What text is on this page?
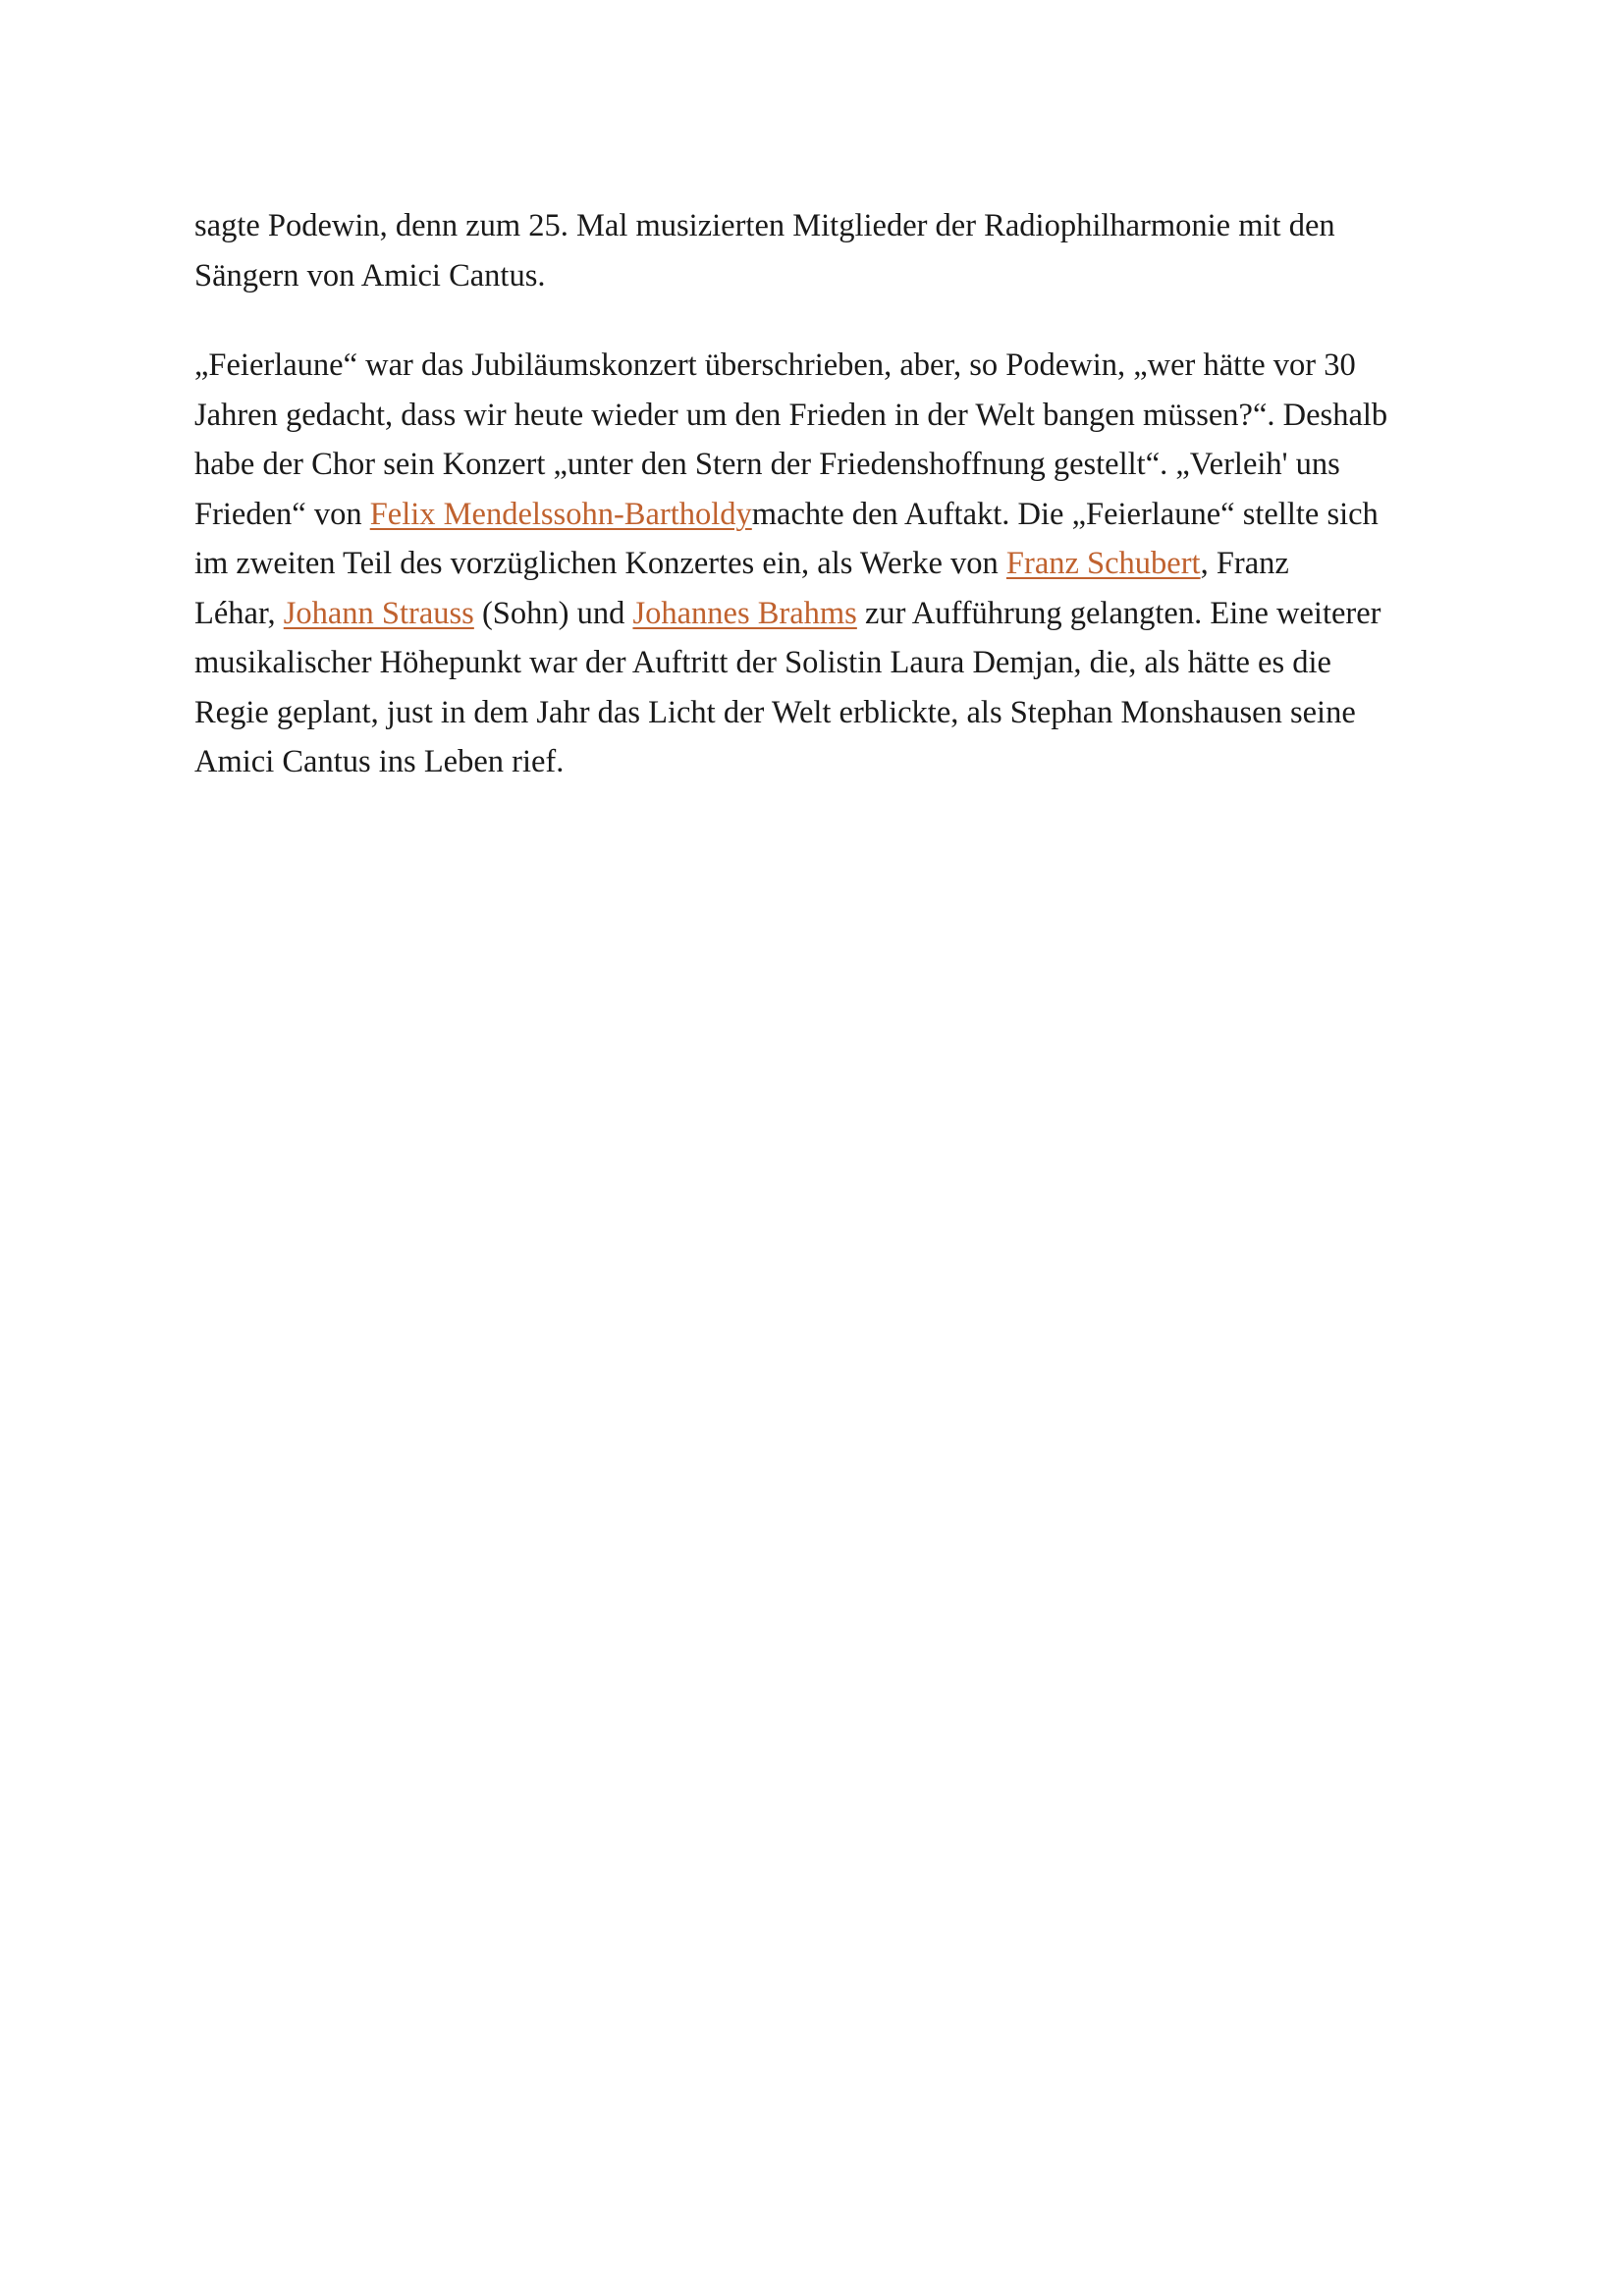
sagte Podewin, denn zum 25. Mal musizierten Mitglieder der Radiophilharmonie mit den
Sängern von Amici Cantus.
„Feierlaune“ war das Jubiläumskonzert überschrieben, aber, so Podewin, „wer hätte vor 30
Jahren gedacht, dass wir heute wieder um den Frieden in der Welt bangen müssen?“. Deshalb
habe der Chor sein Konzert „unter den Stern der Friedenshoffnung gestellt“. „Verleih' uns
Frieden“ von Felix Mendelssohn-Bartholdymachte den Auftakt. Die „Feierlaune“ stellte sich
im zweiten Teil des vorzüglichen Konzertes ein, als Werke von Franz Schubert, Franz
Léhar, Johann Strauss (Sohn) und Johannes Brahms zur Aufführung gelangten. Eine weiterer
musikalischer Höhepunkt war der Auftritt der Solistin Laura Demjan, die, als hätte es die
Regie geplant, just in dem Jahr das Licht der Welt erblickte, als Stephan Monshausen seine
Amici Cantus ins Leben rief.
